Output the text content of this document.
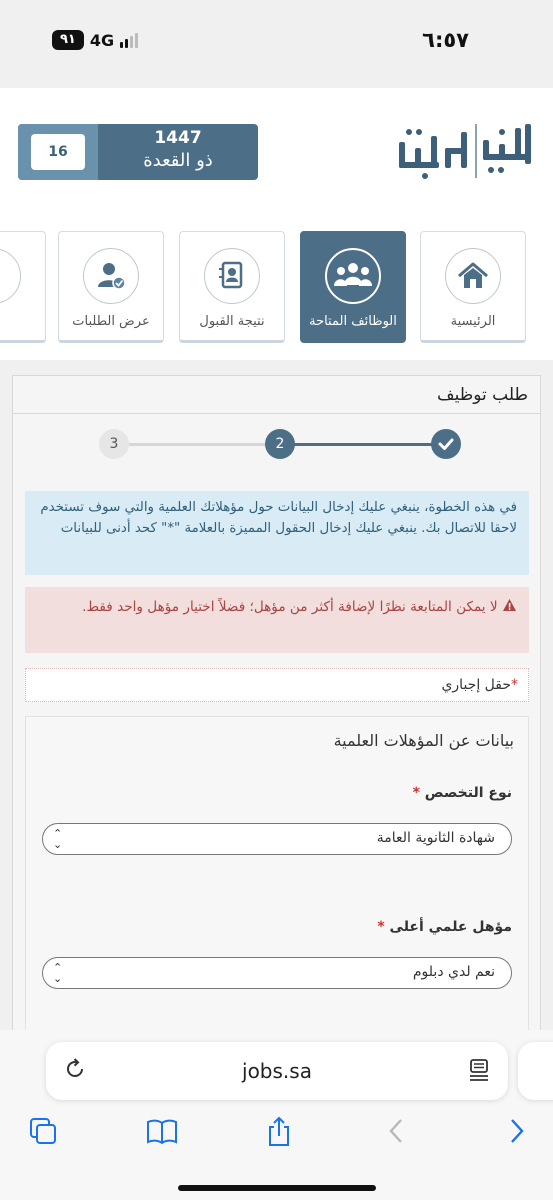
٩١ 4G	٦:٥٧
16
1447
ذو القعدة
عرض الطلبات	نتيجة القبول	الوظائف المتاحة	الرئيسية
طلب توظيف
3	2
في هذه الخطوة، ينبغي عليك إدخال البيانات حول مؤهلاتك العلمية والتي سوف تستخدم لاحقا للاتصال بك. ينبغي عليك إدخال الحقول المميزة بالعلامة "*" كحد أدنى للبيانات
لا يمكن المتابعة نظرًا لإضافة أكثر من مؤهل؛ فضلاً اختيار مؤهل واحد فقط.
*حقل إجباري
بيانات عن المؤهلات العلمية
نوع التخصص *
شهادة الثانوية العامة
⌃
⌄
مؤهل علمي أعلى *
نعم لدي دبلوم
⌃
⌄
jobs.sa
